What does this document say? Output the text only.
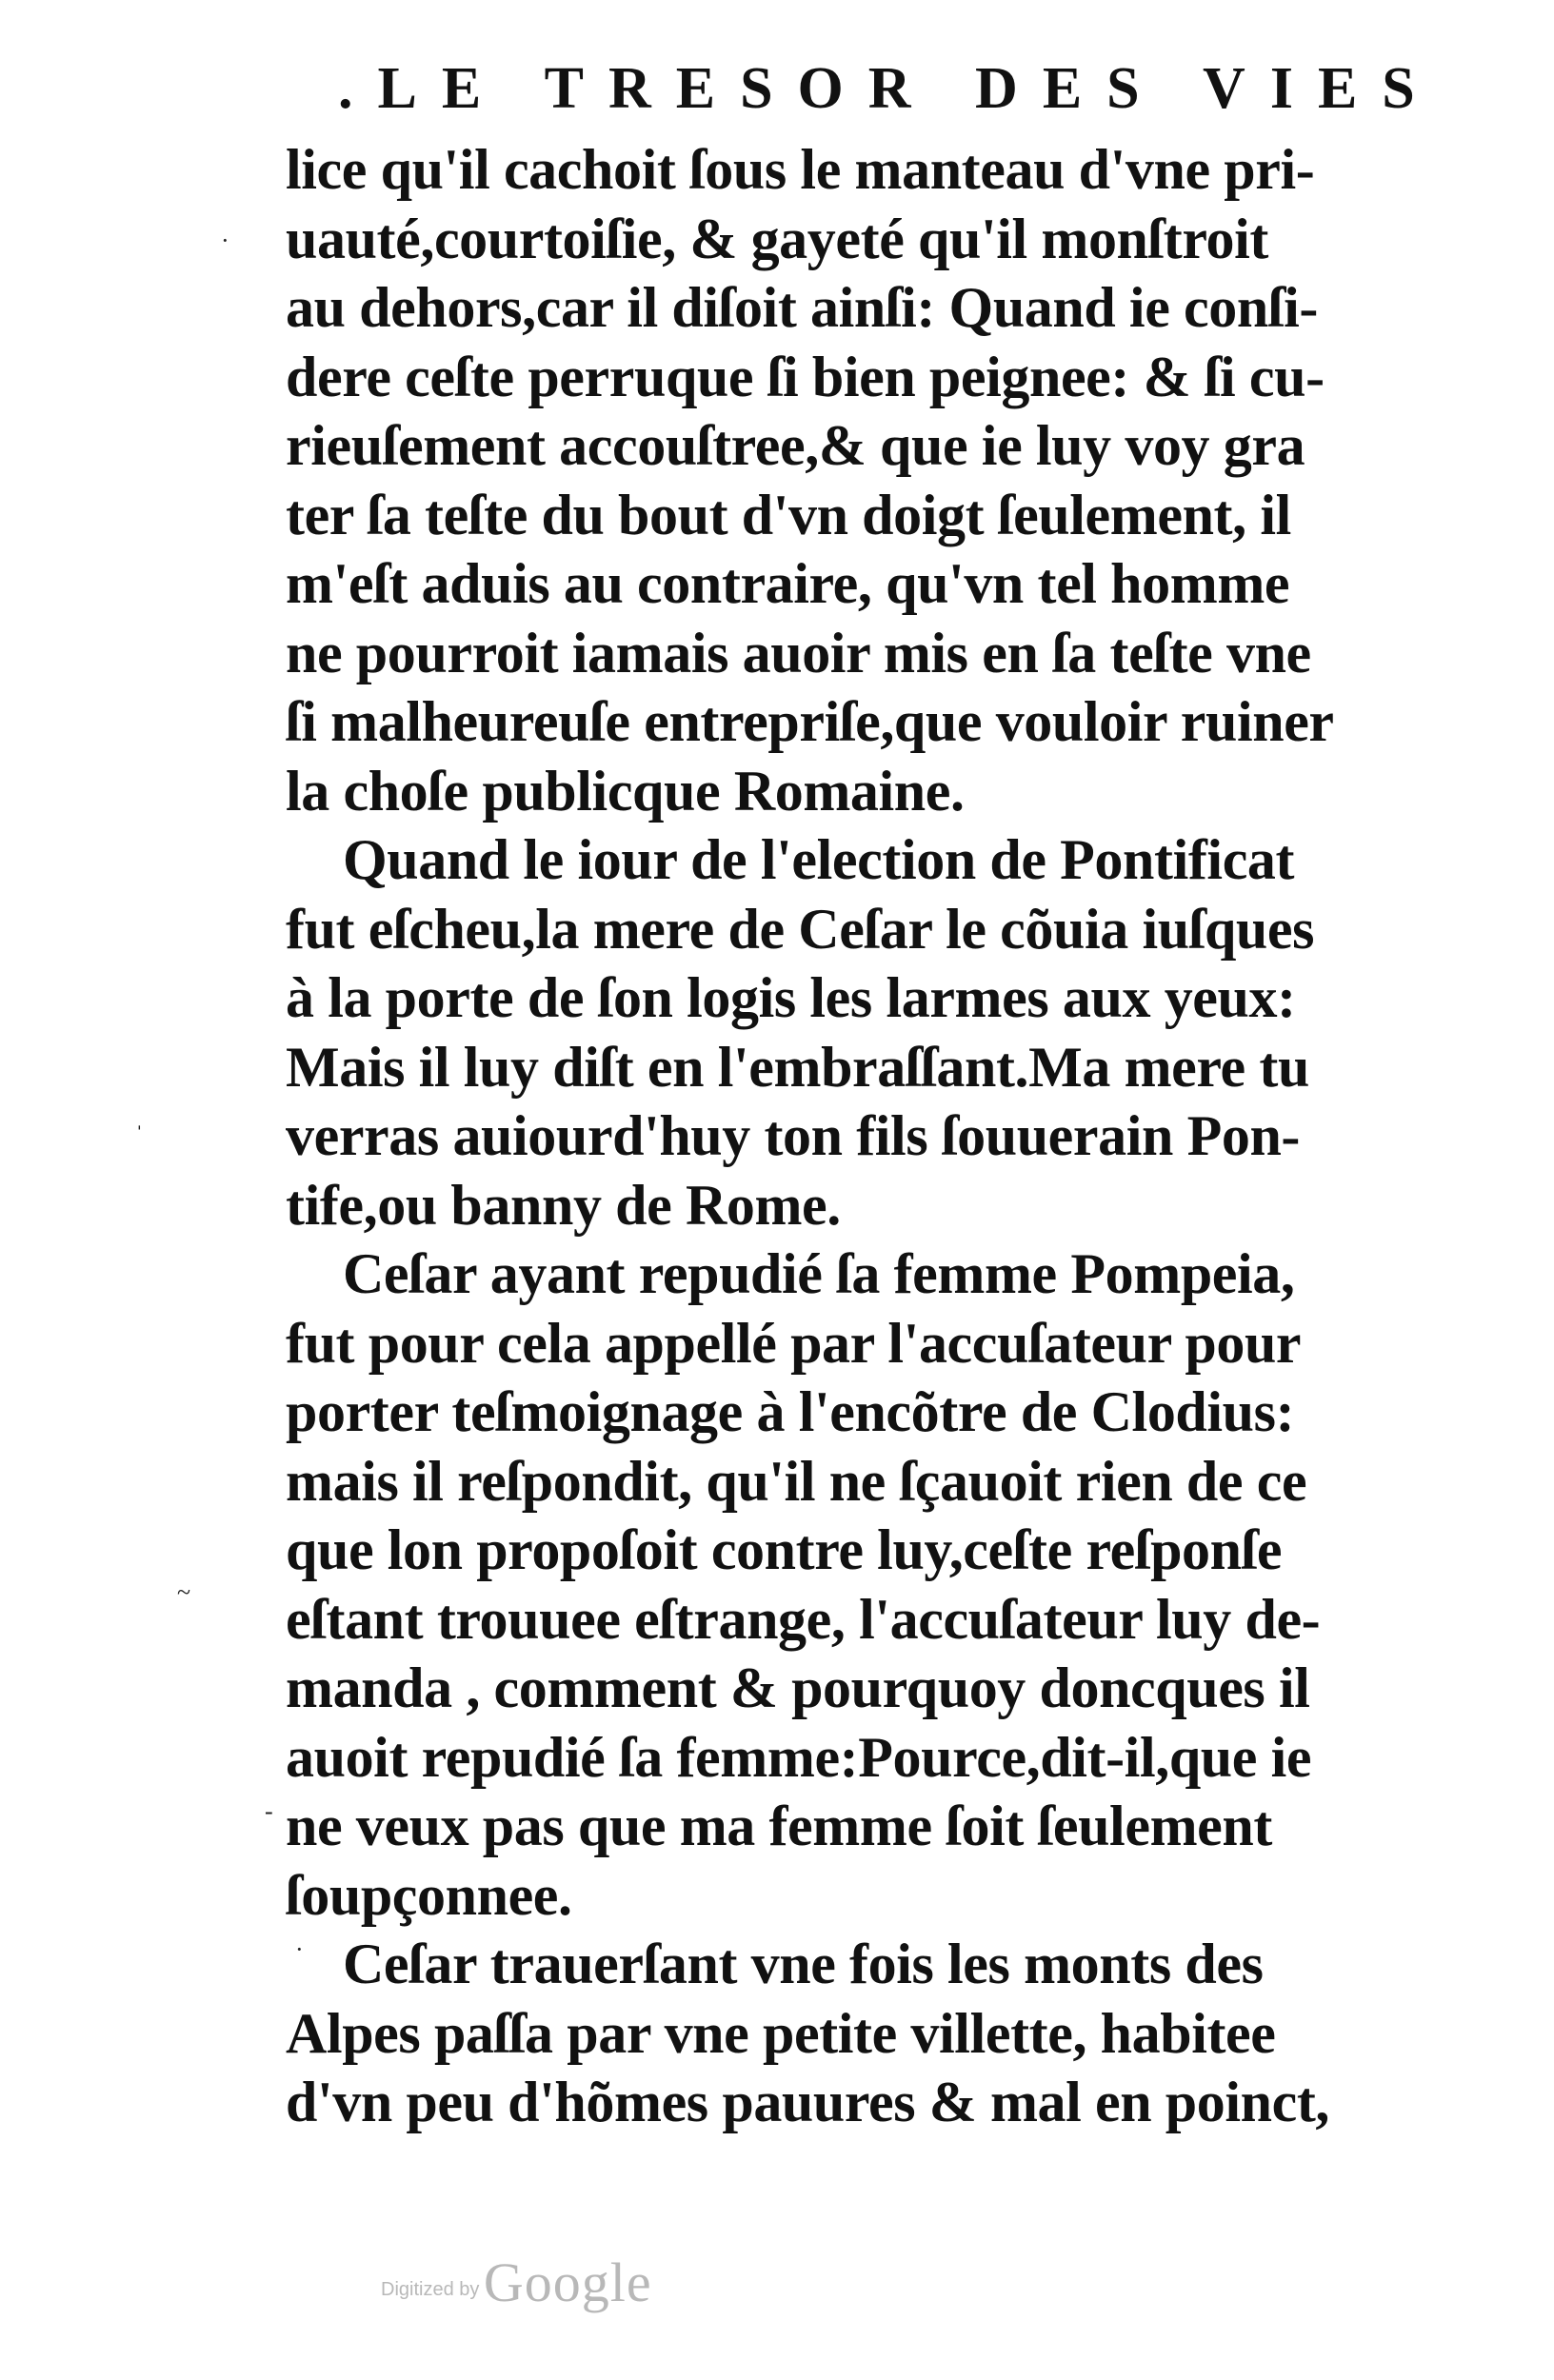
.LE TRESOR DES VIES
lice qu'il cachoit ſous le manteau d'vne pri-
uauté,courtoiſie, & gayeté qu'il monſtroit
au dehors,car il diſoit ainſi: Quand ie conſi-
dere ceſte perruque ſi bien peignee: & ſi cu-
rieuſement accouſtree,& que ie luy voy gra
ter ſa teſte du bout d'vn doigt ſeulement, il
m'eſt aduis au contraire, qu'vn tel homme
ne pourroit iamais auoir mis en ſa teſte vne
ſi malheureuſe entrepriſe,que vouloir ruiner
la choſe publicque Romaine.
Quand le iour de l'election de Pontificat
fut eſcheu,la mere de Ceſar le cõuia iuſques
à la porte de ſon logis les larmes aux yeux:
Mais il luy diſt en l'embraſſant.Ma mere tu
verras auiourd'huy ton fils ſouuerain Pon-
tife,ou banny de Rome.
Ceſar ayant repudié ſa femme Pompeia,
fut pour cela appellé par l'accuſateur pour
porter teſmoignage à l'encõtre de Clodius:
mais il reſpondit, qu'il ne ſçauoit rien de ce
que lon propoſoit contre luy,ceſte reſponſe
eſtant trouuee eſtrange, l'accuſateur luy de-
manda , comment & pourquoy doncques il
auoit repudié ſa femme:Pource,dit-il,que ie
ne veux pas que ma femme ſoit ſeulement
ſoupçonnee.
Ceſar trauerſant vne fois les monts des
Alpes paſſa par vne petite villette, habitee
d'vn peu d'hõmes pauures & mal en poinct,
·
ˈ
~
-
·
Digitized by Google
